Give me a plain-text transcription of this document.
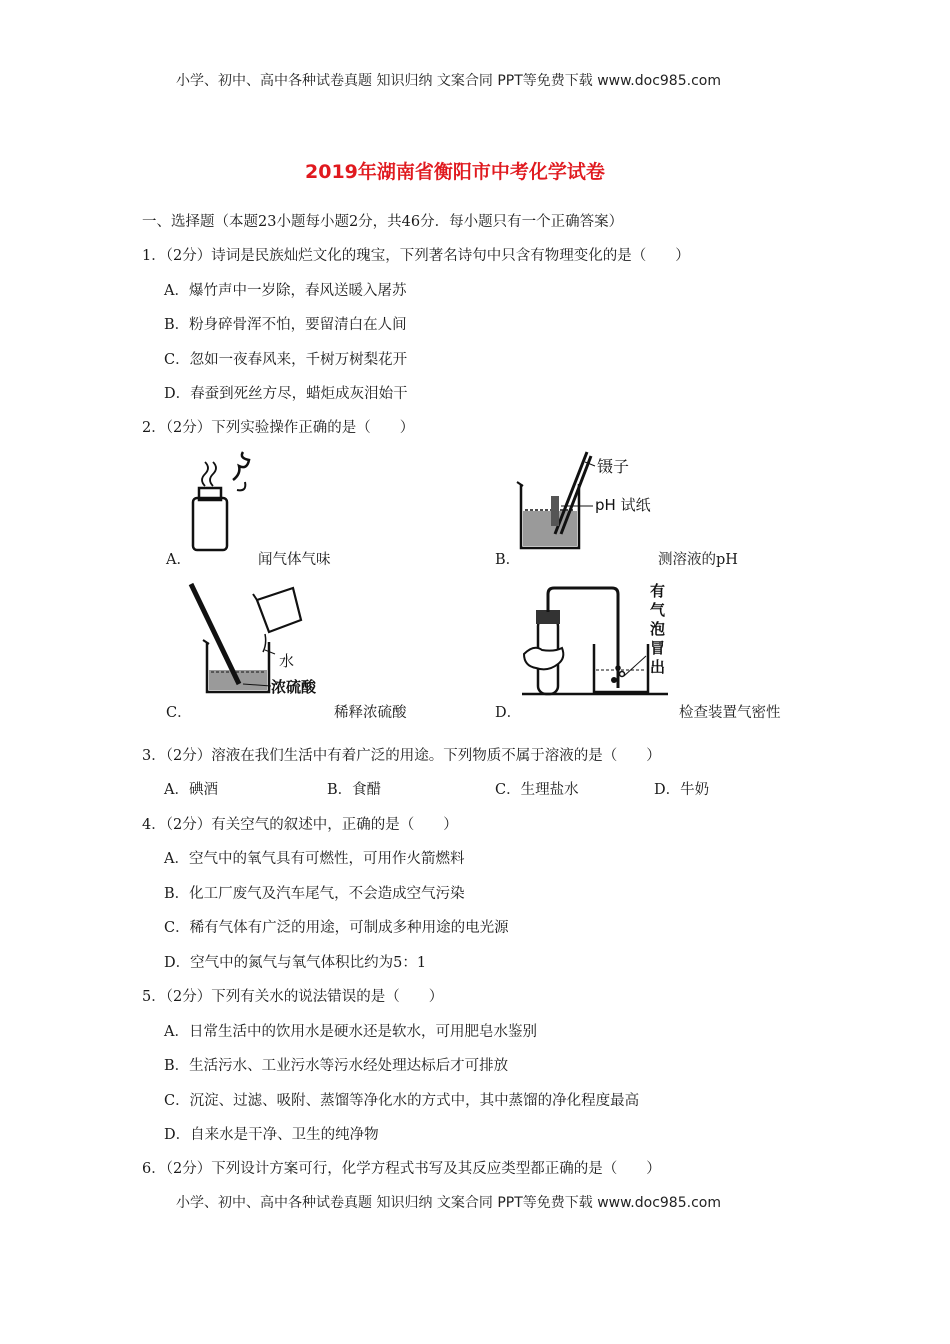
小学、初中、高中各种试卷真题 知识归纳 文案合同 PPT等免费下载 www.doc985.com
2019年湖南省衡阳市中考化学试卷
一、选择题（本题23小题每小题2分，共46分．每小题只有一个正确答案）
1．（2分）诗词是民族灿烂文化的瑰宝，下列著名诗句中只含有物理变化的是（　　）
A．爆竹声中一岁除，春风送暖入屠苏
B．粉身碎骨浑不怕，要留清白在人间
C．忽如一夜春风来，千树万树梨花开
D．春蚕到死丝方尽，蜡炬成灰泪始干
2．（2分）下列实验操作正确的是（　　）
A．	闻气体气味
镊子
pH 试纸
B．	测溶液的pH
水
浓硫酸
C．	稀释浓硫酸
有
气
泡
冒
出
D．	检查装置气密性
3．（2分）溶液在我们生活中有着广泛的用途。下列物质不属于溶液的是（　　）
A．碘酒	B．食醋	C．生理盐水	D．牛奶
4．（2分）有关空气的叙述中，正确的是（　　）
A．空气中的氧气具有可燃性，可用作火箭燃料
B．化工厂废气及汽车尾气，不会造成空气污染
C．稀有气体有广泛的用途，可制成多种用途的电光源
D．空气中的氮气与氧气体积比约为5：1
5．（2分）下列有关水的说法错误的是（　　）
A．日常生活中的饮用水是硬水还是软水，可用肥皂水鉴别
B．生活污水、工业污水等污水经处理达标后才可排放
C．沉淀、过滤、吸附、蒸馏等净化水的方式中，其中蒸馏的净化程度最高
D．自来水是干净、卫生的纯净物
6．（2分）下列设计方案可行，化学方程式书写及其反应类型都正确的是（　　）
小学、初中、高中各种试卷真题 知识归纳 文案合同 PPT等免费下载 www.doc985.com
